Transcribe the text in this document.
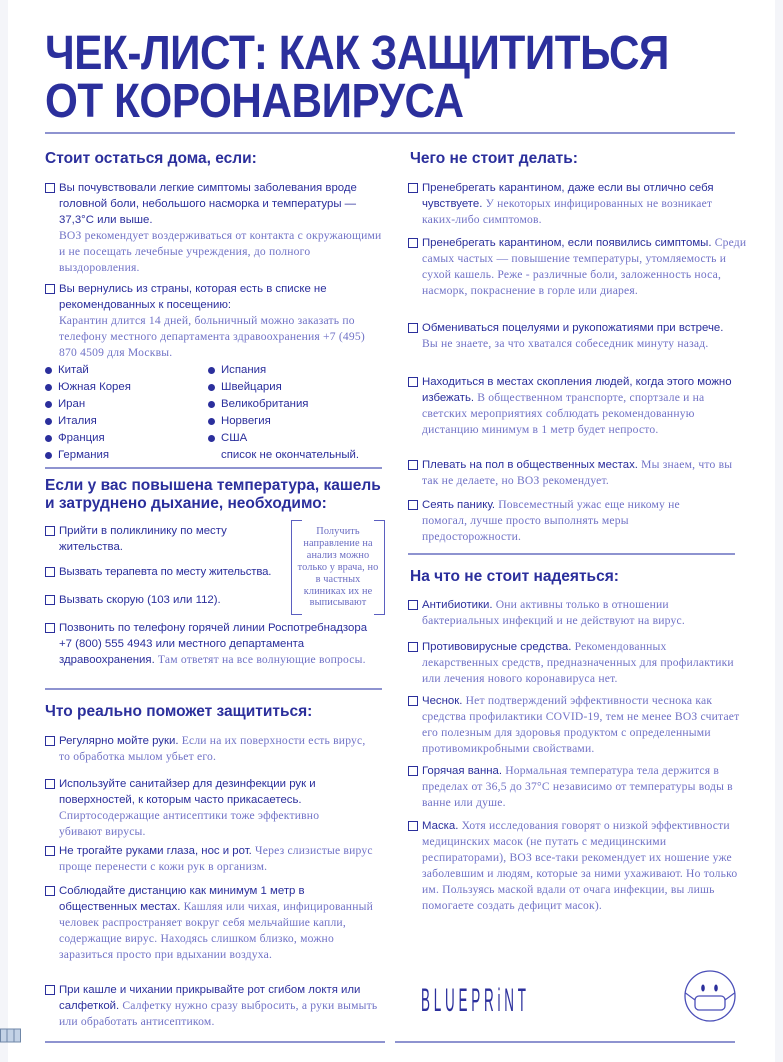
ЧЕК-ЛИСТ: КАК ЗАЩИТИТЬСЯ
ОТ КОРОНАВИРУСА
Стоит остаться дома, если:
Вы почувствовали легкие симптомы заболевания вроде головной боли, небольшого насморка и температуры — 37,3°C или выше.
ВОЗ рекомендует воздерживаться от контакта с окружающими и не посещать лечебные учреждения, до полного выздоровления.
Вы вернулись из страны, которая есть в списке не рекомендованных к посещению:
Карантин длится 14 дней, больничный можно заказать по телефону местного департамента здравоохранения +7 (495) 870 4509 для Москвы.
Китай
Южная Корея
Иран
Италия
Франция
Германия
Испания
Швейцария
Великобритания
Норвегия
США
список не окончательный.
Если у вас повышена температура, кашель и затруднено дыхание, необходимо:
Прийти в поликлинику по месту жительства.
Вызвать терапевта по месту жительства.
Вызвать скорую (103 или 112).
Позвонить по телефону горячей линии Роспотребнадзора +7 (800) 555 4943 или местного департамента здравоохранения. Там ответят на все волнующие вопросы.
Получить направление на анализ можно только у врача, но в частных клиниках их не выписывают
Что реально поможет защититься:
Регулярно мойте руки. Если на их поверхности есть вирус, то обработка мылом убьет его.
Используйте санитайзер для дезинфекции рук и поверхностей, к которым часто прикасаетесь.
Спиртосодержащие антисептики тоже эффективно убивают вирусы.
Не трогайте руками глаза, нос и рот. Через слизистые вирус проще перенести с кожи рук в организм.
Соблюдайте дистанцию как минимум 1 метр в общественных местах. Кашляя или чихая, инфицированный человек распространяет вокруг себя мельчайшие капли, содержащие вирус. Находясь слишком близко, можно заразиться просто при вдыхании воздуха.
При кашле и чихании прикрывайте рот сгибом локтя или салфеткой. Салфетку нужно сразу выбросить, а руки вымыть или обработать антисептиком.
Чего не стоит делать:
Пренебрегать карантином, даже если вы отлично себя чувствуете. У некоторых инфицированных не возникает каких-либо симптомов.
Пренебрегать карантином, если появились симптомы. Среди самых частых — повышение температуры, утомляемость и сухой кашель. Реже - различные боли, заложенность носа, насморк, покраснение в горле или диарея.
Обмениваться поцелуями и рукопожатиями при встрече. Вы не знаете, за что хватался собеседник минуту назад.
Находиться в местах скопления людей, когда этого можно избежать. В общественном транспорте, спортзале и на светских мероприятиях соблюдать рекомендованную дистанцию минимум в 1 метр будет непросто.
Плевать на пол в общественных местах. Мы знаем, что вы так не делаете, но ВОЗ рекомендует.
Сеять панику. Повсеместный ужас еще никому не помогал, лучше просто выполнять меры предосторожности.
На что не стоит надеяться:
Антибиотики. Они активны только в отношении бактериальных инфекций и не действуют на вирус.
Противовирусные средства. Рекомендованных лекарственных средств, предназначенных для профилактики или лечения нового коронавируса нет.
Чеснок. Нет подтверждений эффективности чеснока как средства профилактики COVID-19, тем не менее ВОЗ считает его полезным для здоровья продуктом с определенными противомикробными свойствами.
Горячая ванна. Нормальная температура тела держится в пределах от 36,5 до 37°C независимо от температуры воды в ванне или душе.
Маска. Хотя исследования говорят о низкой эффективности медицинских масок (не путать с медицинскими респираторами), ВОЗ все-таки рекомендует их ношение уже заболевшим и людям, которые за ними ухаживают. Но только им. Пользуясь маской вдали от очага инфекции, вы лишь помогаете создать дефицит масок).
BLUEPRiNT
